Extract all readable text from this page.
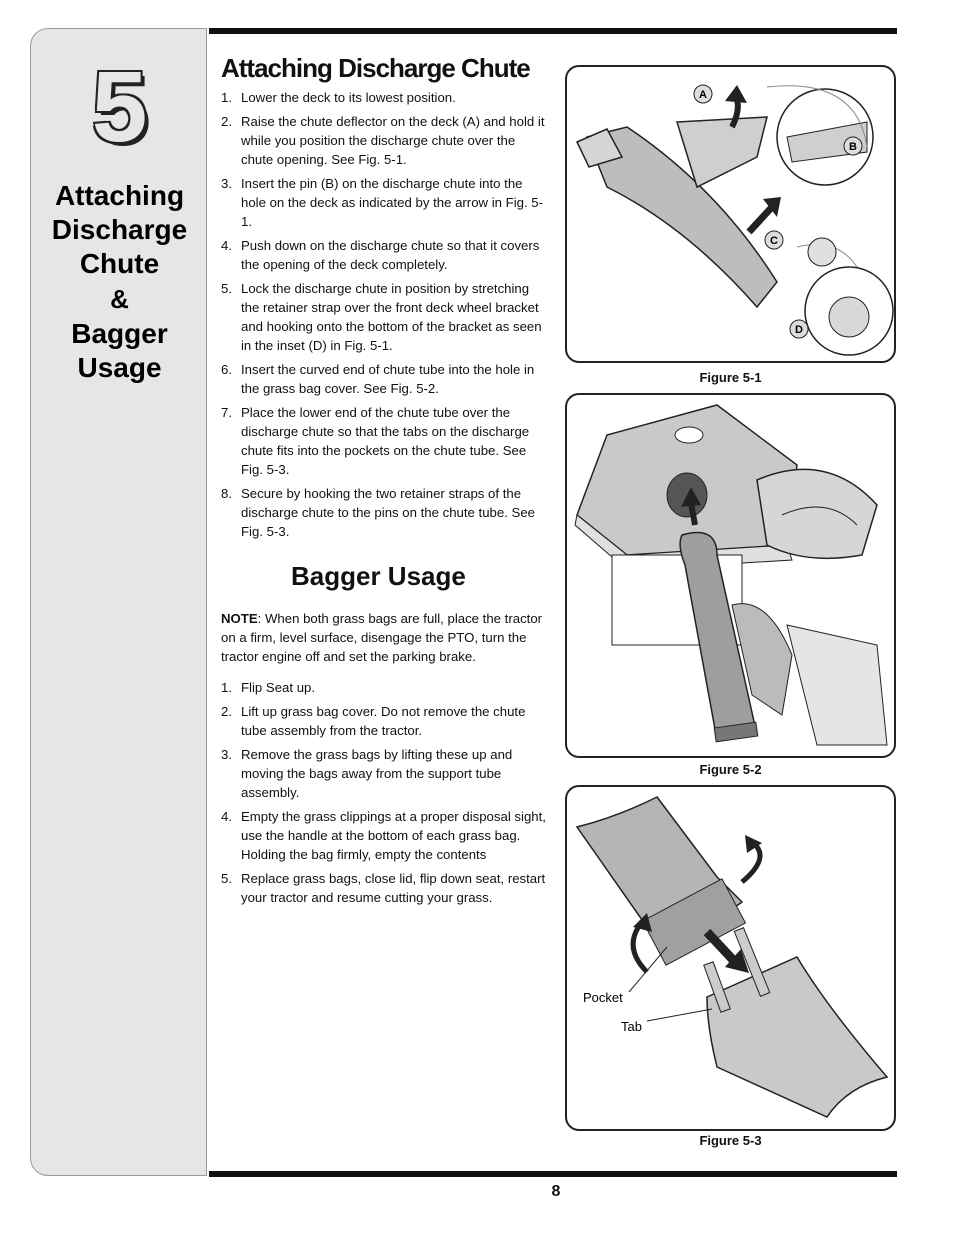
5
Attaching
Discharge
Chute
&
Bagger
Usage
Attaching Discharge Chute
1. Lower the deck to its lowest position.
2. Raise the chute deflector on the deck (A) and hold it while you position the discharge chute over the chute opening. See Fig. 5-1.
3. Insert the pin (B) on the discharge chute into the hole on the deck as indicated by the arrow in Fig. 5-1.
4. Push down on the discharge chute so that it covers the opening of the deck completely.
5. Lock the discharge chute in position by stretching the retainer strap over the front deck wheel bracket and hooking onto the bottom of the bracket as seen in the inset (D) in Fig. 5-1.
6. Insert the curved end of chute tube into the hole in the grass bag cover. See Fig. 5-2.
7. Place the lower end of the chute tube over the discharge chute so that the tabs on the discharge chute fits into the pockets on the chute tube. See Fig. 5-3.
8. Secure by hooking the two retainer straps of the discharge chute to the pins on the chute tube. See Fig. 5-3.
Bagger Usage

NOTE: When both grass bags are full, place the tractor on a firm, level surface, disengage the PTO, turn the tractor engine off and set the parking brake.

1. Flip Seat up.
2. Lift up grass bag cover. Do not remove the chute tube assembly from the tractor.
3. Remove the grass bags by lifting these up and moving the bags away from the support tube assembly.
4. Empty the grass clippings at a proper disposal sight, use the handle at the bottom of each grass bag. Holding the bag firmly, empty the contents
5. Replace grass bags, close lid, flip down seat, restart your tractor and resume cutting your grass.
A
B
C
D
Figure 5-1
Figure 5-2
Pocket
Tab
Figure 5-3
8
